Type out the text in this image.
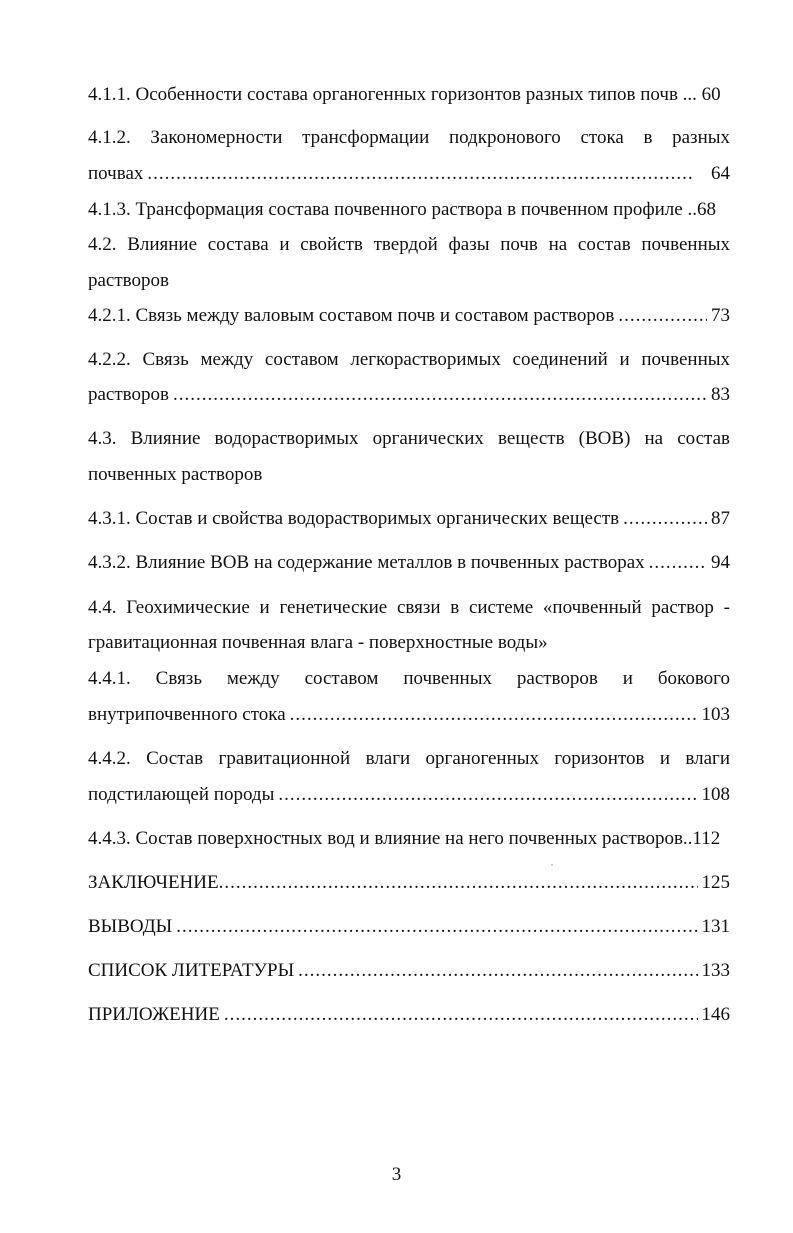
4.1.1. Особенности состава органогенных горизонтов разных типов почв ... 60
4.1.2. Закономерности трансформации подкронового стока в разных
почвах .....	64
4.1.3. Трансформация состава почвенного раствора в почвенном профиле ..68
4.2. Влияние состава и свойств твердой фазы почв на состав почвенных
растворов
4.2.1. Связь между валовым составом почв и составом растворов .....	73
4.2.2. Связь между составом легкорастворимых соединений и почвенных
растворов .....	83
4.3. Влияние водорастворимых органических веществ (ВОВ) на состав
почвенных растворов
4.3.1. Состав и свойства водорастворимых органических веществ .....	87
4.3.2. Влияние ВОВ на содержание металлов в почвенных растворах .....	94
4.4. Геохимические и генетические связи в системе «почвенный раствор -
гравитационная почвенная влага - поверхностные воды»
4.4.1. Связь между составом почвенных растворов и бокового
внутрипочвенного стока .....	103
4.4.2. Состав гравитационной влаги органогенных горизонтов и влаги
подстилающей породы .....	108
4.4.3. Состав поверхностных вод и влияние на него почвенных растворов..112
ЗАКЛЮЧЕНИЕ .....	125
ВЫВОДЫ .....	131
СПИСОК ЛИТЕРАТУРЫ .....	133
ПРИЛОЖЕНИЕ .....	146
3
